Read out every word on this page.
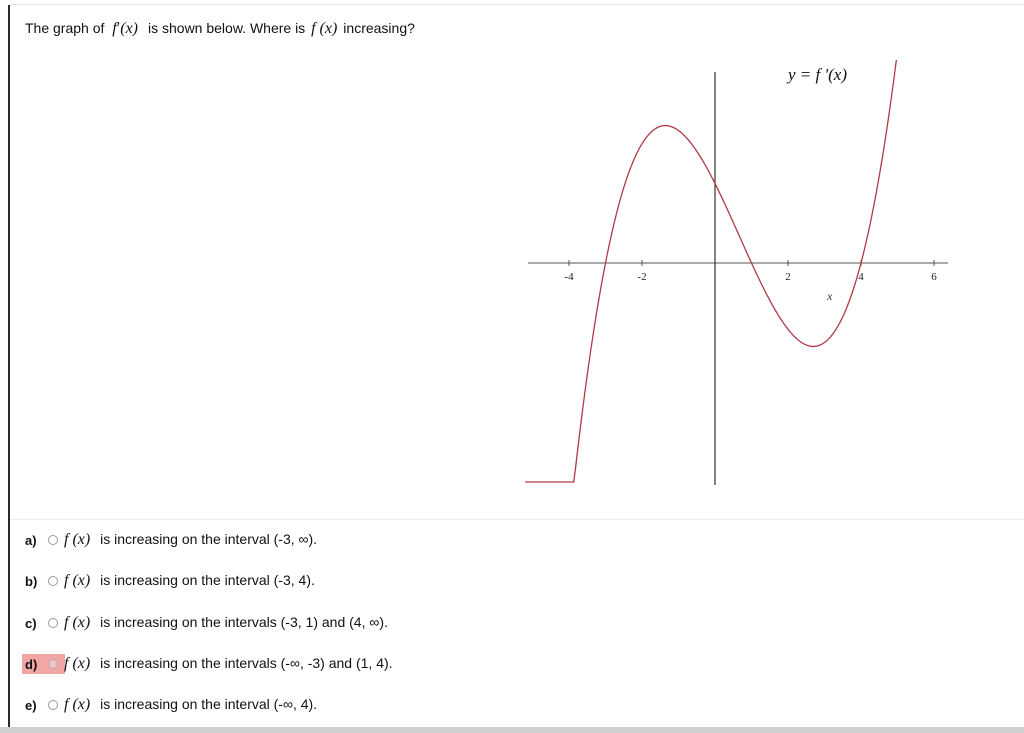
The graph of f′(x) is shown below. Where is f (x) increasing?
-4	-2	2	4	6
y = f '(x)
x
a)	f (x) is increasing on the interval (-3, ∞).
b)	f (x) is increasing on the interval (-3, 4).
c)	f (x) is increasing on the intervals (-3, 1) and (4, ∞).
d)	f (x) is increasing on the intervals (-∞, -3) and (1, 4).
e)	f (x) is increasing on the interval (-∞, 4).
